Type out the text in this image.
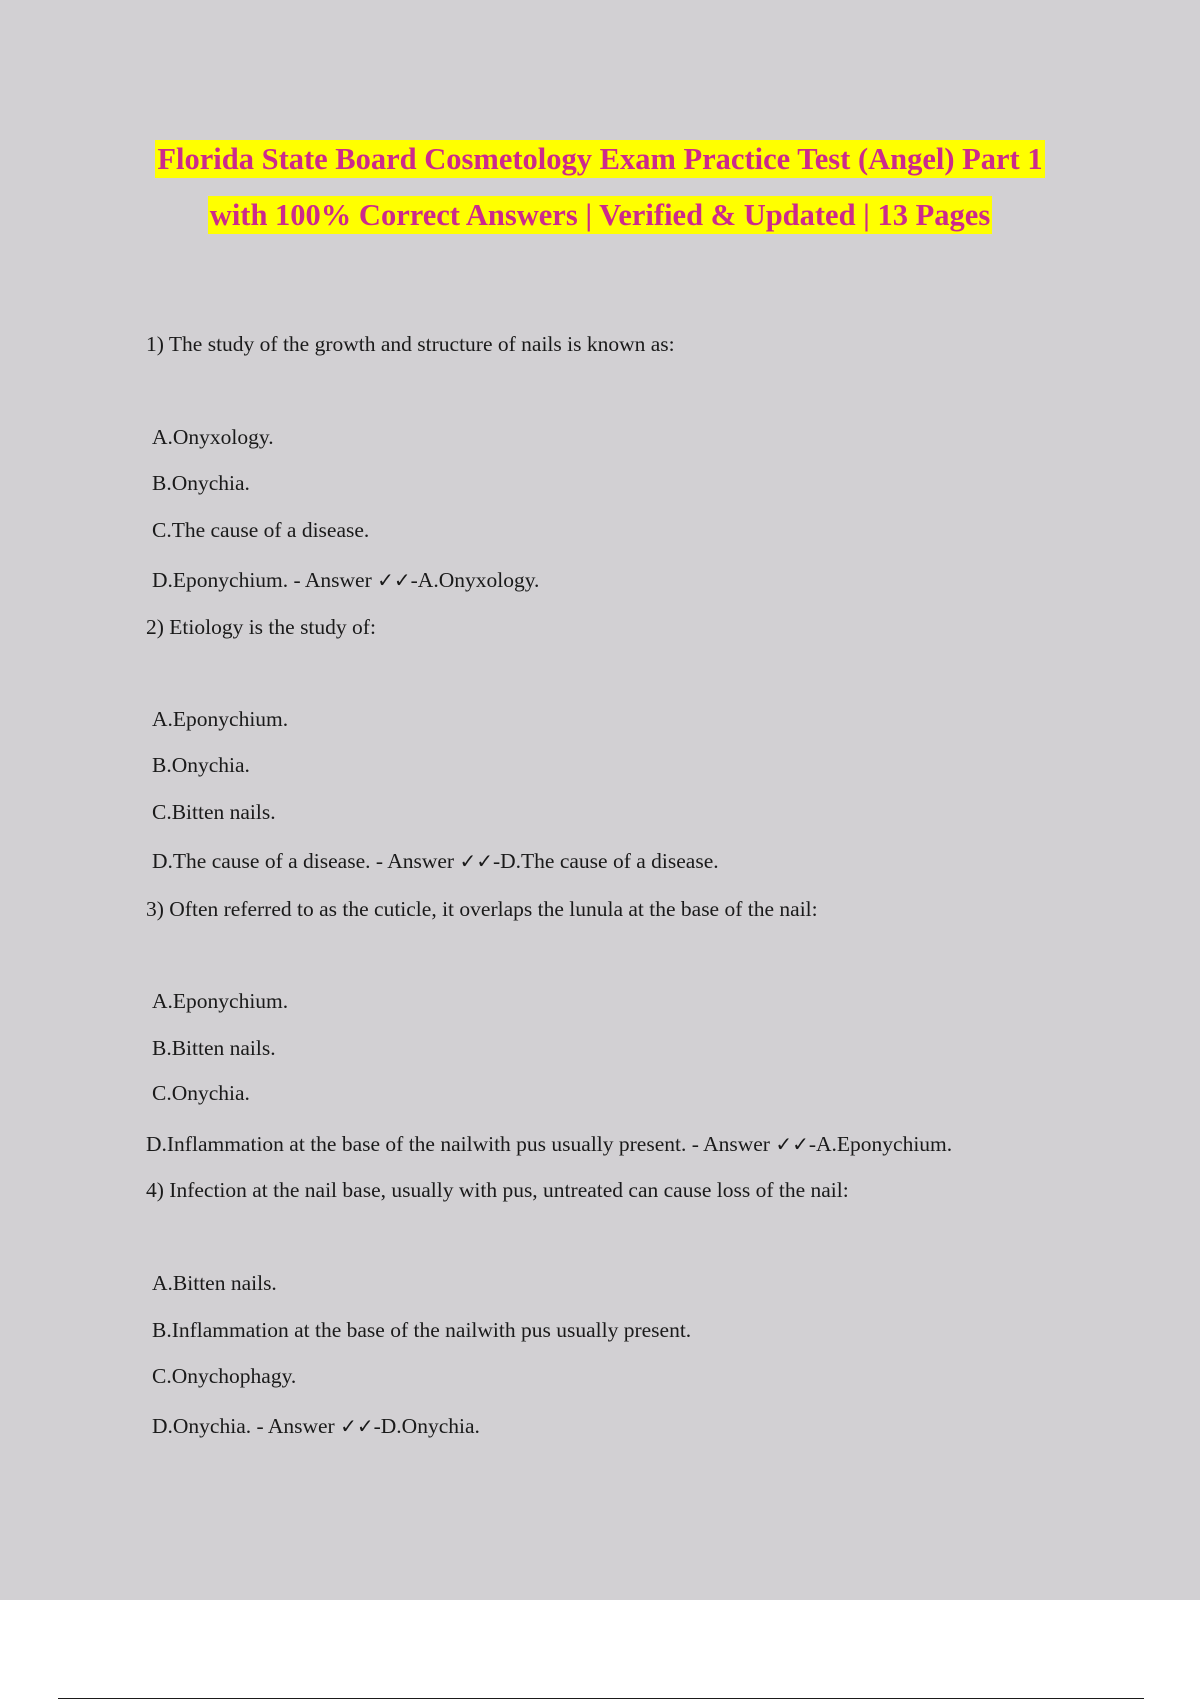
Florida State Board Cosmetology Exam Practice Test (Angel) Part 1
with 100% Correct Answers | Verified & Updated | 13 Pages
1) The study of the growth and structure of nails is known as:
A.Onyxology.
B.Onychia.
C.The cause of a disease.
D.Eponychium. - Answer ✓✓-A.Onyxology.
2) Etiology is the study of:
A.Eponychium.
B.Onychia.
C.Bitten nails.
D.The cause of a disease. - Answer ✓✓-D.The cause of a disease.
3) Often referred to as the cuticle, it overlaps the lunula at the base of the nail:
A.Eponychium.
B.Bitten nails.
C.Onychia.
D.Inflammation at the base of the nailwith pus usually present. - Answer ✓✓-A.Eponychium.
4) Infection at the nail base, usually with pus, untreated can cause loss of the nail:
A.Bitten nails.
B.Inflammation at the base of the nailwith pus usually present.
C.Onychophagy.
D.Onychia. - Answer ✓✓-D.Onychia.
